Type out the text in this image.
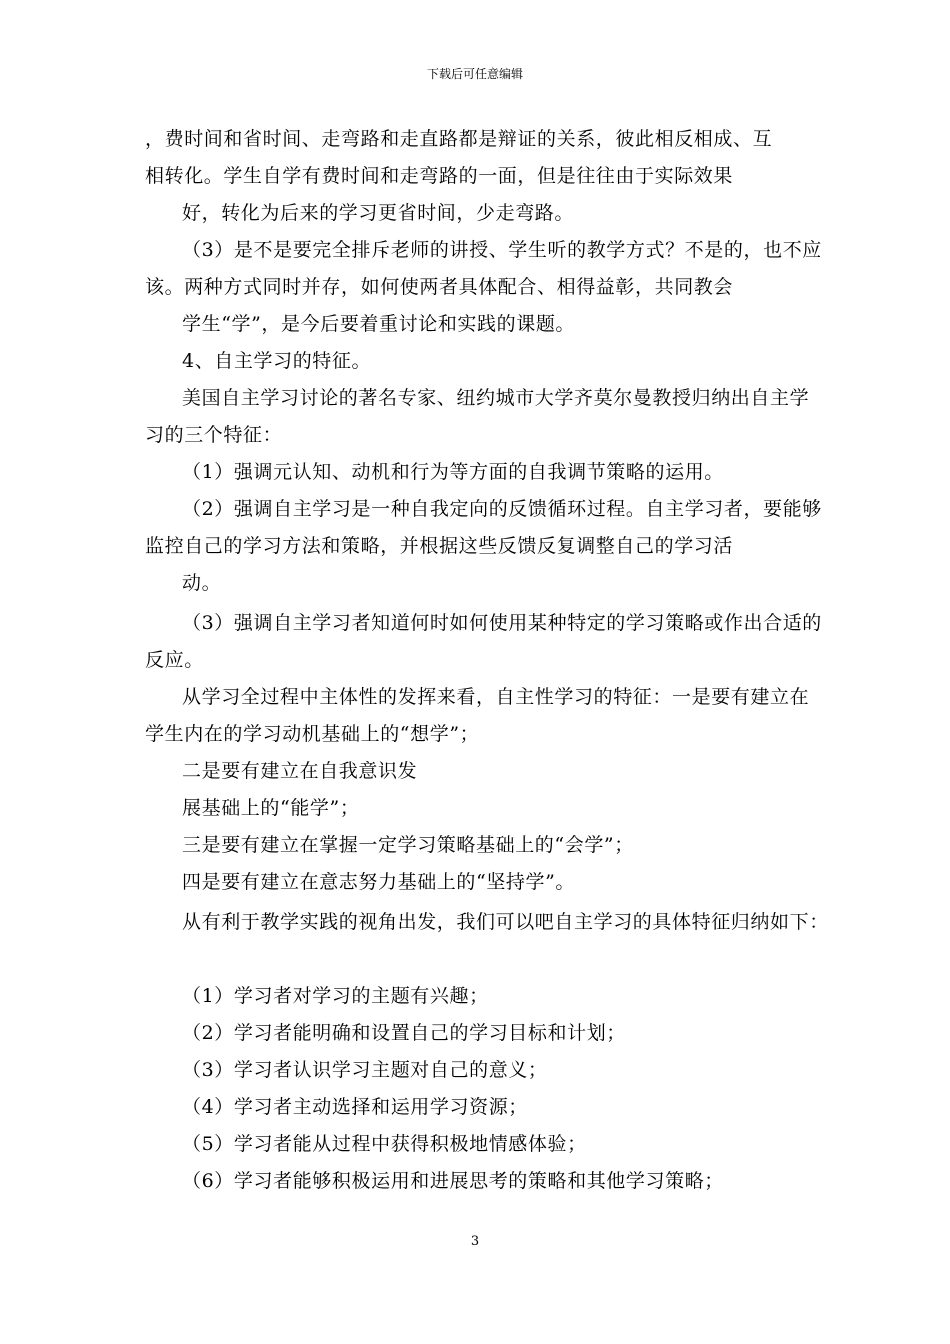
下载后可任意编辑
，费时间和省时间、走弯路和走直路都是辩证的关系，彼此相反相成、互
相转化。学生自学有费时间和走弯路的一面，但是往往由于实际效果
好，转化为后来的学习更省时间，少走弯路。
（3）是不是要完全排斥老师的讲授、学生听的教学方式？不是的，也不应
该。两种方式同时并存，如何使两者具体配合、相得益彰，共同教会
学生“学”，是今后要着重讨论和实践的课题。
4、自主学习的特征。
美国自主学习讨论的著名专家、纽约城市大学齐莫尔曼教授归纳出自主学
习的三个特征：
（1）强调元认知、动机和行为等方面的自我调节策略的运用。
（2）强调自主学习是一种自我定向的反馈循环过程。自主学习者，要能够
监控自己的学习方法和策略，并根据这些反馈反复调整自己的学习活
动。
（3）强调自主学习者知道何时如何使用某种特定的学习策略或作出合适的
反应。
从学习全过程中主体性的发挥来看，自主性学习的特征：一是要有建立在
学生内在的学习动机基础上的“想学”；
二是要有建立在自我意识发
展基础上的“能学”；
三是要有建立在掌握一定学习策略基础上的“会学”；
四是要有建立在意志努力基础上的“坚持学”。
从有利于教学实践的视角出发，我们可以吧自主学习的具体特征归纳如下：
（1）学习者对学习的主题有兴趣；
（2）学习者能明确和设置自己的学习目标和计划；
（3）学习者认识学习主题对自己的意义；
（4）学习者主动选择和运用学习资源；
（5）学习者能从过程中获得积极地情感体验；
（6）学习者能够积极运用和进展思考的策略和其他学习策略；
3
